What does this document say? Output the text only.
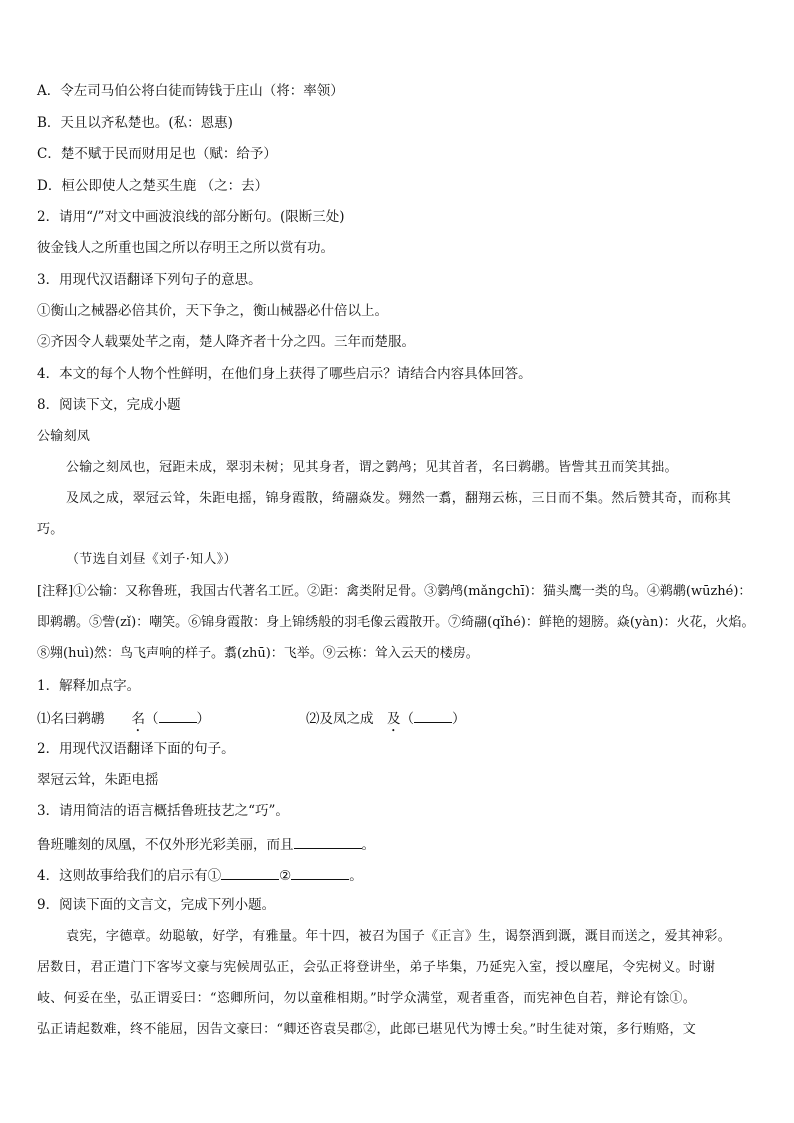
A．令左司马伯公将白徒而铸钱于庄山（将：率领）
B．天且以齐私楚也。(私：恩惠)
C．楚不赋于民而财用足也（赋：给予）
D．桓公即使人之楚买生鹿 （之：去）
2．请用“/”对文中画波浪线的部分断句。(限断三处)
彼金钱人之所重也国之所以存明王之所以赏有功。
3．用现代汉语翻译下列句子的意思。
①衡山之械器必倍其价，天下争之，衡山械器必什倍以上。
②齐因令人载粟处芊之南，楚人降齐者十分之四。三年而楚服。
4．本文的每个人物个性鲜明，在他们身上获得了哪些启示？请结合内容具体回答。
8．阅读下文，完成小题
公输刻凤
公输之刻凤也，冠距未成，翠羽未树；见其身者，谓之鹲鸬；见其首者，名曰鹈鹕。皆訾其丑而笑其拙。
及凤之成，翠冠云耸，朱距电摇，锦身霞散，绮翮焱发。翙然一翥，翻翔云栋，三日而不集。然后赞其奇，而称其
巧。
（节选自刘昼《刘子·知人》）
[注释]①公输：又称鲁班，我国古代著名工匠。②距：禽类附足骨。③鹲鸬(mǎngchī)：猫头鹰一类的鸟。④鹈鹕(wūzhé)：
即鹈鹕。⑤訾(zǐ)：嘲笑。⑥锦身霞散：身上锦绣般的羽毛像云霞散开。⑦绮翮(qǐhé)：鲜艳的翅膀。焱(yàn)：火花，火焰。
⑧翙(huì)然：鸟飞声响的样子。翥(zhū)：飞举。⑨云栋：耸入云天的楼房。
1．解释加点字。
⑴名曰鹈鹕　　名（	）	⑵及凤之成　及（	）
2．用现代汉语翻译下面的句子。
翠冠云耸，朱距电摇
3．请用简洁的语言概括鲁班技艺之“巧”。
鲁班雕刻的凤凰，不仅外形光彩美丽，而且	。
4．这则故事给我们的启示有①	②	。
9．阅读下面的文言文，完成下列小题。
袁宪，字德章。幼聪敏，好学，有雅量。年十四，被召为国子《正言》生，谒祭酒到溉，溉目而送之，爱其神彩。
居数日，君正遣门下客岑文豪与宪候周弘正，会弘正将登讲坐，弟子毕集，乃延宪入室，授以麈尾，令宪树义。时谢
岐、何妥在坐，弘正谓妥曰：“恣卿所问，勿以童稚相期。”时学众满堂，观者重沓，而宪神色自若，辩论有馀①。
弘正请起数难，终不能屈，因告文豪曰：“卿还咨袁吴郡②，此郎已堪见代为博士矣。”时生徒对策，多行贿赂，文
